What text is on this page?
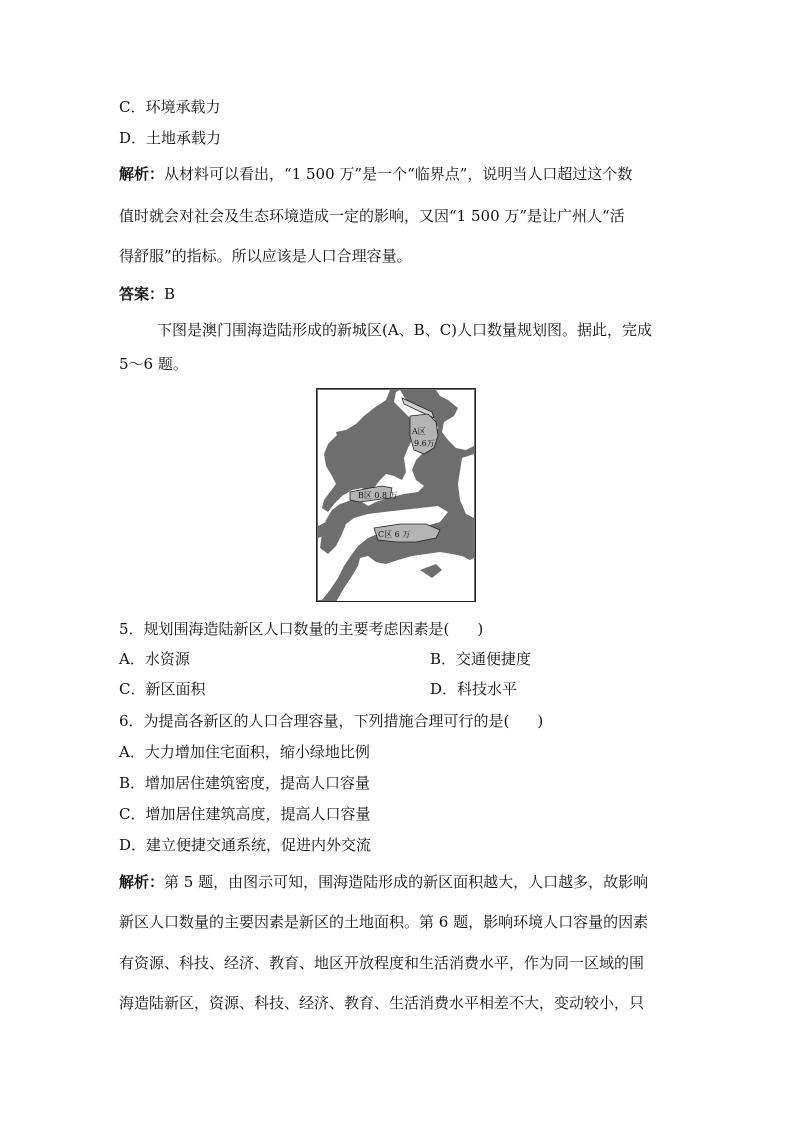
C．环境承载力
D．土地承载力
解析：从材料可以看出，“1 500 万”是一个“临界点”，说明当人口超过这个数
值时就会对社会及生态环境造成一定的影响，又因“1 500 万”是让广州人“活
得舒服”的指标。所以应该是人口合理容量。
答案：B
下图是澳门围海造陆形成的新城区(A、B、C)人口数量规划图。据此，完成
5～6 题。
A区
9.6万
B区 0.8 万
C区 6 万
5．规划围海造陆新区人口数量的主要考虑因素是( )
A．水资源	B．交通便捷度
C．新区面积	D．科技水平
6．为提高各新区的人口合理容量，下列措施合理可行的是( )
A．大力增加住宅面积，缩小绿地比例
B．增加居住建筑密度，提高人口容量
C．增加居住建筑高度，提高人口容量
D．建立便捷交通系统，促进内外交流
解析：第 5 题，由图示可知，围海造陆形成的新区面积越大，人口越多，故影响
新区人口数量的主要因素是新区的土地面积。第 6 题，影响环境人口容量的因素
有资源、科技、经济、教育、地区开放程度和生活消费水平，作为同一区域的围
海造陆新区，资源、科技、经济、教育、生活消费水平相差不大，变动较小，只
